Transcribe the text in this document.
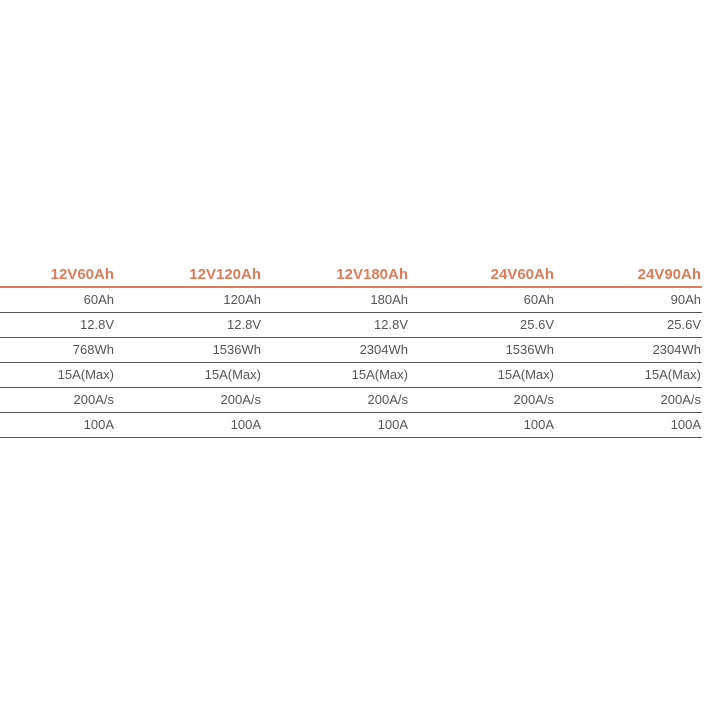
12V60Ah	12V120Ah	12V180Ah	24V60Ah	24V90Ah
60Ah	120Ah	180Ah	60Ah	90Ah
12.8V	12.8V	12.8V	25.6V	25.6V
768Wh	1536Wh	2304Wh	1536Wh	2304Wh
15A(Max)	15A(Max)	15A(Max)	15A(Max)	15A(Max)
200A/s	200A/s	200A/s	200A/s	200A/s
100A	100A	100A	100A	100A
